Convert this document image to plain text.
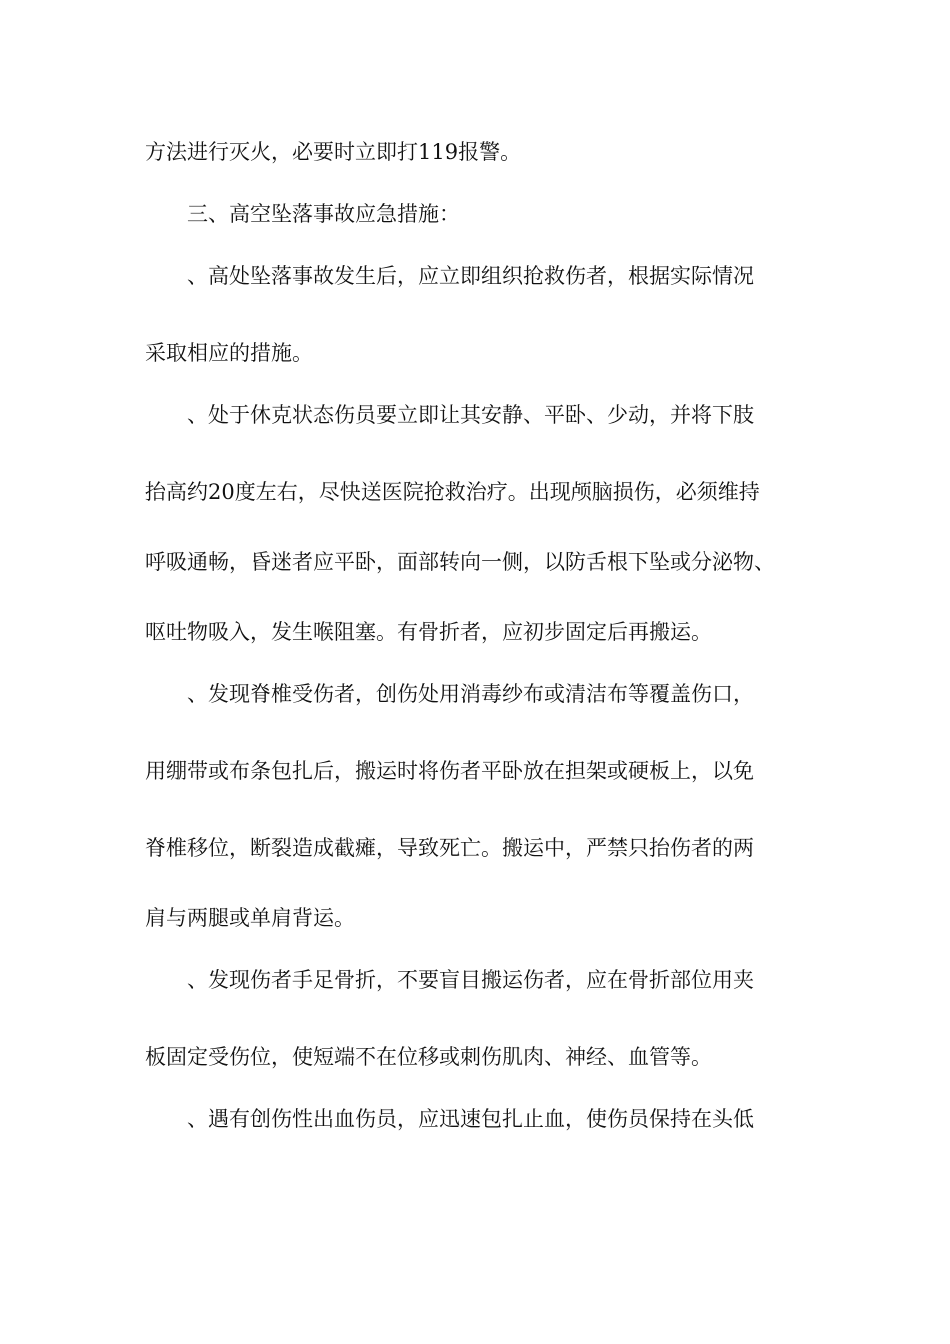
方法进行灭火，必要时立即打119报警。

三、高空坠落事故应急措施：

、高处坠落事故发生后，应立即组织抢救伤者，根据实际情况

采取相应的措施。

、处于休克状态伤员要立即让其安静、平卧、少动，并将下肢

抬高约20度左右，尽快送医院抢救治疗。出现颅脑损伤，必须维持

呼吸通畅，昏迷者应平卧，面部转向一侧，以防舌根下坠或分泌物、

呕吐物吸入，发生喉阻塞。有骨折者，应初步固定后再搬运。

、发现脊椎受伤者，创伤处用消毒纱布或清洁布等覆盖伤口，

用绷带或布条包扎后，搬运时将伤者平卧放在担架或硬板上，以免

脊椎移位，断裂造成截瘫，导致死亡。搬运中，严禁只抬伤者的两

肩与两腿或单肩背运。

、发现伤者手足骨折，不要盲目搬运伤者，应在骨折部位用夹

板固定受伤位，使短端不在位移或刺伤肌肉、神经、血管等。

、遇有创伤性出血伤员，应迅速包扎止血，使伤员保持在头低
